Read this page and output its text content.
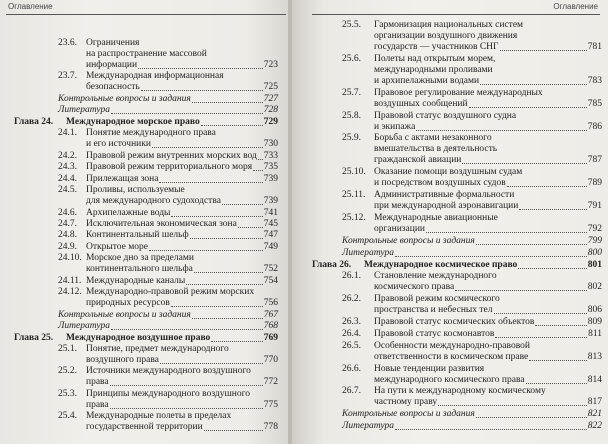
Оглавление
23.6. Ограничения
на распространение массовой
информации	723
23.7. Международная информационная
безопасность	725
Контрольные вопросы и задания	727
Литература	728
Глава 24. Международное морское право	729
24.1. Понятие международного права
и его источники	730
24.2. Правовой режим внутренних морских вод 733
24.3. Правовой режим территориального моря 735
24.4. Прилежащая зона	739
24.5. Проливы, используемые
для международного судоходства	739
24.6. Архипелажные воды	741
24.7. Исключительная экономическая зона	745
24.8. Континентальный шельф	747
24.9. Открытое море	749
24.10. Морское дно за пределами
континентального шельфа	752
24.11. Международные каналы	754
24.12. Международно-правовой режим морских
природных ресурсов	756
Контрольные вопросы и задания	767
Литература	768
Глава 25. Международное воздушное право	769
25.1. Понятие, предмет международного
воздушного права	770
25.2. Источники международного воздушного
права	772
25.3. Принципы международного воздушного
права	775
25.4. Международные полеты в пределах
государственной территории	778
Оглавление
25.5. Гармонизация национальных систем
организации воздушного движения
государств — участников СНГ	781
25.6. Полеты над открытым морем,
международными проливами
и архипелажными водами	783
25.7. Правовое регулирование международных
воздушных сообщений	785
25.8. Правовой статус воздушного судна
и экипажа	786
25.9. Борьба с актами незаконного
вмешательства в деятельность
гражданской авиации	787
25.10. Оказание помощи воздушным судам
и посредством воздушных судов	789
25.11. Административные формальности
при международной аэронавигации	791
25.12. Международные авиационные
организации	792
Контрольные вопросы и задания	799
Литература	800
Глава 26. Международное космическое право	801
26.1. Становление международного
космического права	802
26.2. Правовой режим космического
пространства и небесных тел	806
26.3. Правовой статус космических объектов	809
26.4. Правовой статус космонавтов	811
26.5. Особенности международно-правовой
ответственности в космическом праве	813
26.6. Новые тенденции развития
международного космического права	814
26.7. На пути к международному космическому
частному праву	817
Контрольные вопросы и задания	821
Литература	822
